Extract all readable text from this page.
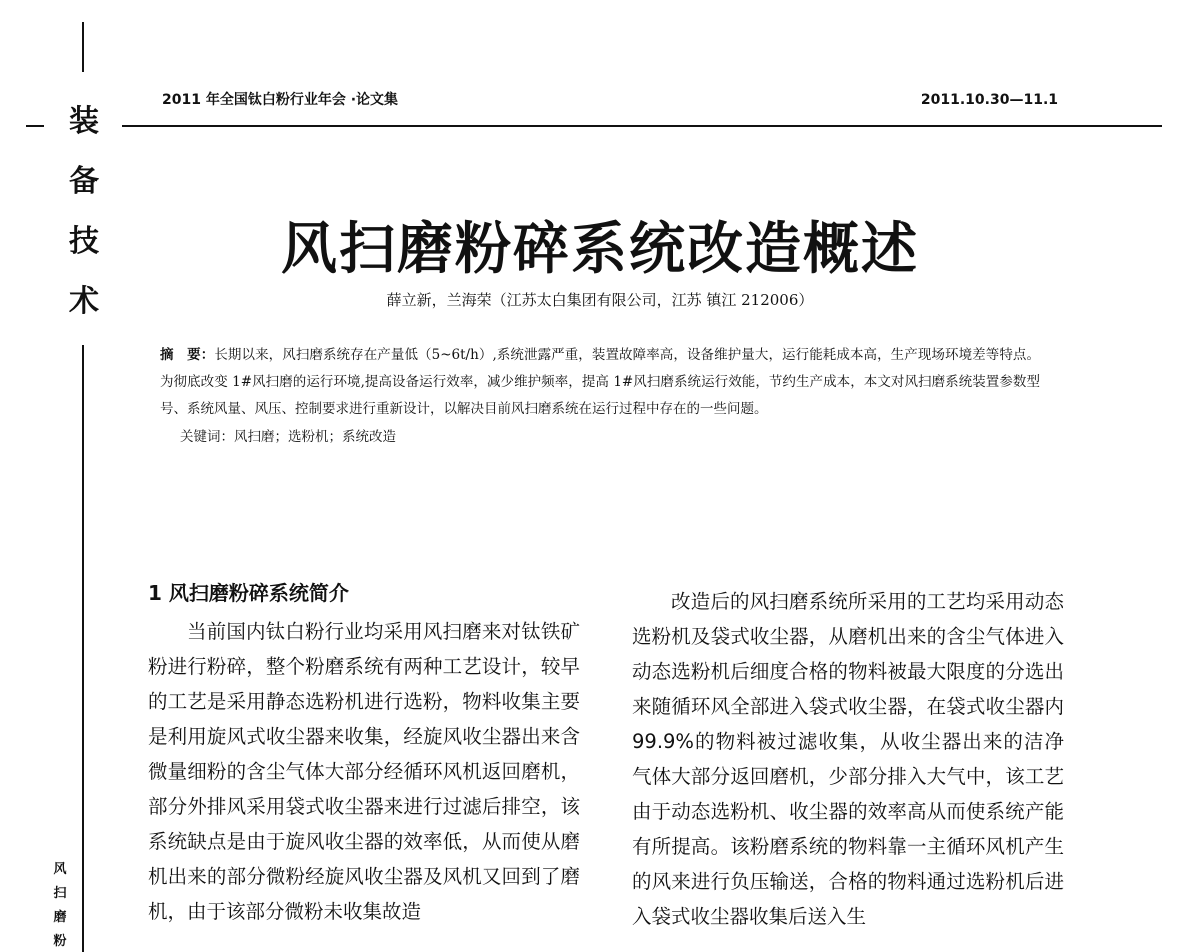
装
备
技
术
风
扫
磨
粉
2011 年全国钛白粉行业年会 ·论文集	2011.10.30—11.1
风扫磨粉碎系统改造概述
薛立新，兰海荣（江苏太白集团有限公司，江苏 镇江 212006）
摘　要：长期以来，风扫磨系统存在产量低（5~6t/h）,系统泄露严重，装置故障率高，设备维护量大，运行能耗成本高，生产现场环境差等特点。为彻底改变 1#风扫磨的运行环境,提高设备运行效率，减少维护频率，提高 1#风扫磨系统运行效能，节约生产成本，本文对风扫磨系统装置参数型号、系统风量、风压、控制要求进行重新设计，以解决目前风扫磨系统在运行过程中存在的一些问题。
关键词：风扫磨；选粉机；系统改造
1 风扫磨粉碎系统简介

当前国内钛白粉行业均采用风扫磨来对钛铁矿粉进行粉碎，整个粉磨系统有两种工艺设计，较早的工艺是采用静态选粉机进行选粉，物料收集主要是利用旋风式收尘器来收集，经旋风收尘器出来含微量细粉的含尘气体大部分经循环风机返回磨机，部分外排风采用袋式收尘器来进行过滤后排空，该系统缺点是由于旋风收尘器的效率低，从而使从磨机出来的部分微粉经旋风收尘器及风机又回到了磨机，由于该部分微粉未收集故造

改造后的风扫磨系统所采用的工艺均采用动态选粉机及袋式收尘器，从磨机出来的含尘气体进入动态选粉机后细度合格的物料被最大限度的分选出来随循环风全部进入袋式收尘器，在袋式收尘器内 99.9%的物料被过滤收集，从收尘器出来的洁净气体大部分返回磨机，少部分排入大气中，该工艺由于动态选粉机、收尘器的效率高从而使系统产能有所提高。该粉磨系统的物料靠一主循环风机产生的风来进行负压输送，合格的物料通过选粉机后进入袋式收尘器收集后送入生
